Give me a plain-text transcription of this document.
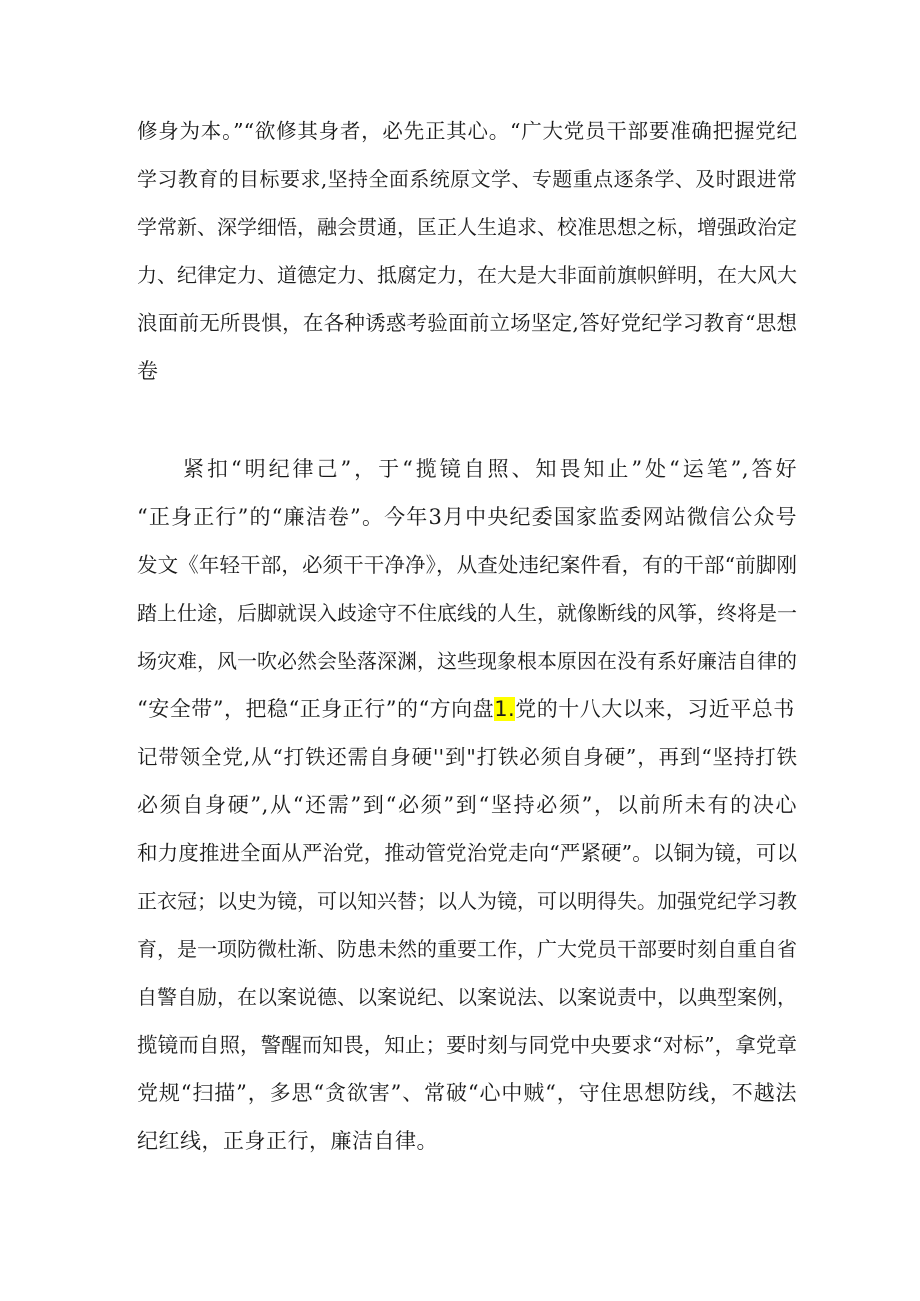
修身为本。”“欲修其身者，必先正其心。“广大党员干部要准确把握党纪
学习教育的目标要求,坚持全面系统原文学、专题重点逐条学、及时跟进常
学常新、深学细悟，融会贯通，匡正人生追求、校准思想之标，增强政治定
力、纪律定力、道德定力、抵腐定力，在大是大非面前旗帜鲜明，在大风大
浪面前无所畏惧，在各种诱惑考验面前立场坚定,答好党纪学习教育“思想
卷
紧扣“明纪律己”，于“揽镜自照、知畏知止”处“运笔”,答好
“正身正行”的“廉洁卷”。今年3月中央纪委国家监委网站微信公众号
发文《年轻干部，必须干干净净》，从查处违纪案件看，有的干部“前脚刚
踏上仕途，后脚就误入歧途守不住底线的人生，就像断线的风筝，终将是一
场灾难，风一吹必然会坠落深渊，这些现象根本原因在没有系好廉洁自律的
“安全带”，把稳“正身正行”的“方向盘1.党的十八大以来，习近平总书
记带领全党,从“打铁还需自身硬''到"打铁必须自身硬”，再到“坚持打铁
必须自身硬”,从“还需”到“必须”到“坚持必须”，以前所未有的决心
和力度推进全面从严治党，推动管党治党走向“严紧硬”。以铜为镜，可以
正衣冠；以史为镜，可以知兴替；以人为镜，可以明得失。加强党纪学习教
育，是一项防微杜渐、防患未然的重要工作，广大党员干部要时刻自重自省
自警自励，在以案说德、以案说纪、以案说法、以案说责中，以典型案例，
揽镜而自照，警醒而知畏，知止；要时刻与同党中央要求“对标”，拿党章
党规“扫描”，多思“贪欲害”、常破“心中贼“，守住思想防线，不越法
纪红线，正身正行，廉洁自律。
